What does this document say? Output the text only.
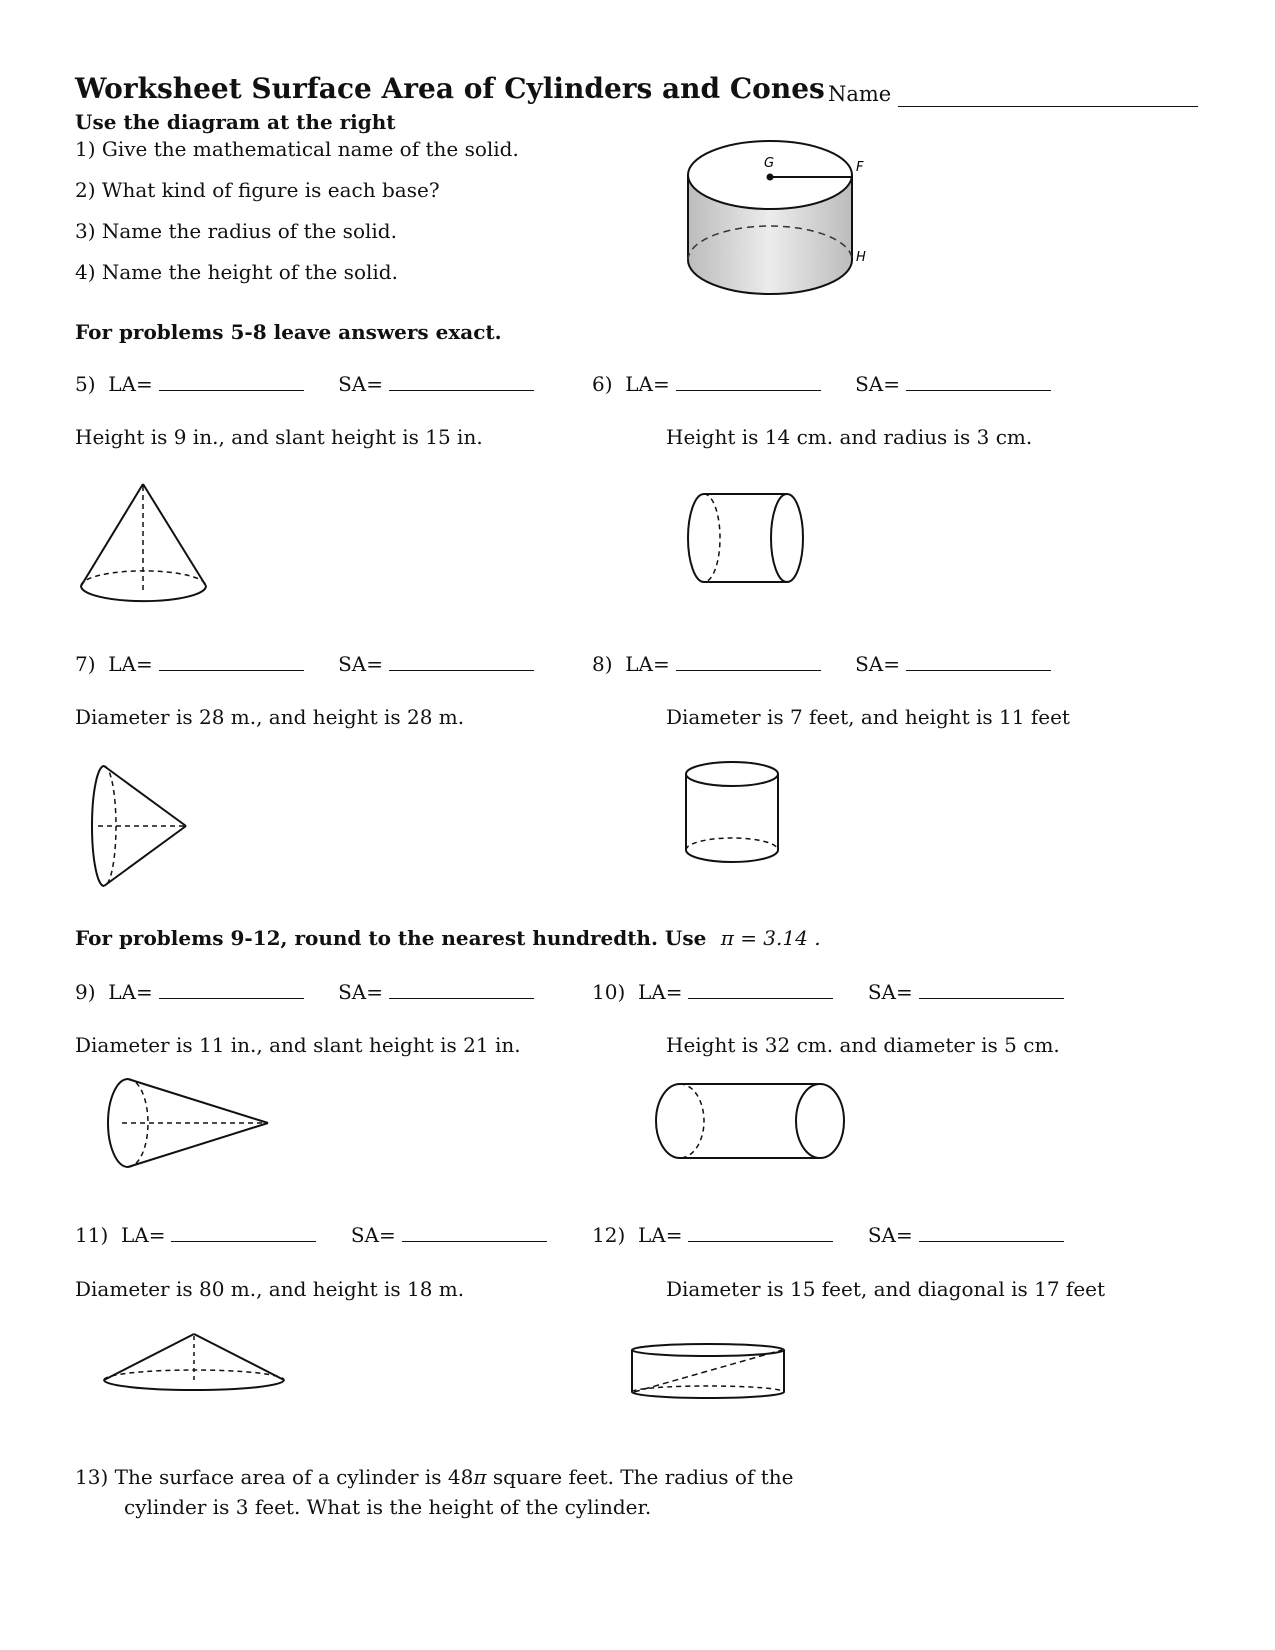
Worksheet Surface Area of Cylinders and Cones Name
Use the diagram at the right
1) Give the mathematical name of the solid.
2) What kind of figure is each base?
3) Name the radius of the solid.
4) Name the height of the solid.
G	F
H
For problems 5-8 leave answers exact.
5) LA=	SA=
Height is 9 in., and slant height is 15 in.
6) LA=	SA=
Height is 14 cm. and radius is 3 cm.
7) LA=	SA=
Diameter is 28 m., and height is 28 m.
8) LA=	SA=
Diameter is 7 feet, and height is 11 feet
For problems 9-12, round to the nearest hundredth. Use π = 3.14 .
9) LA=	SA=
Diameter is 11 in., and slant height is 21 in.
10) LA=	SA=
Height is 32 cm. and diameter is 5 cm.
11) LA=	SA=
Diameter is 80 m., and height is 18 m.
12) LA=	SA=
Diameter is 15 feet, and diagonal is 17 feet
13) The surface area of a cylinder is 48π square feet. The radius of the
cylinder is 3 feet. What is the height of the cylinder.
